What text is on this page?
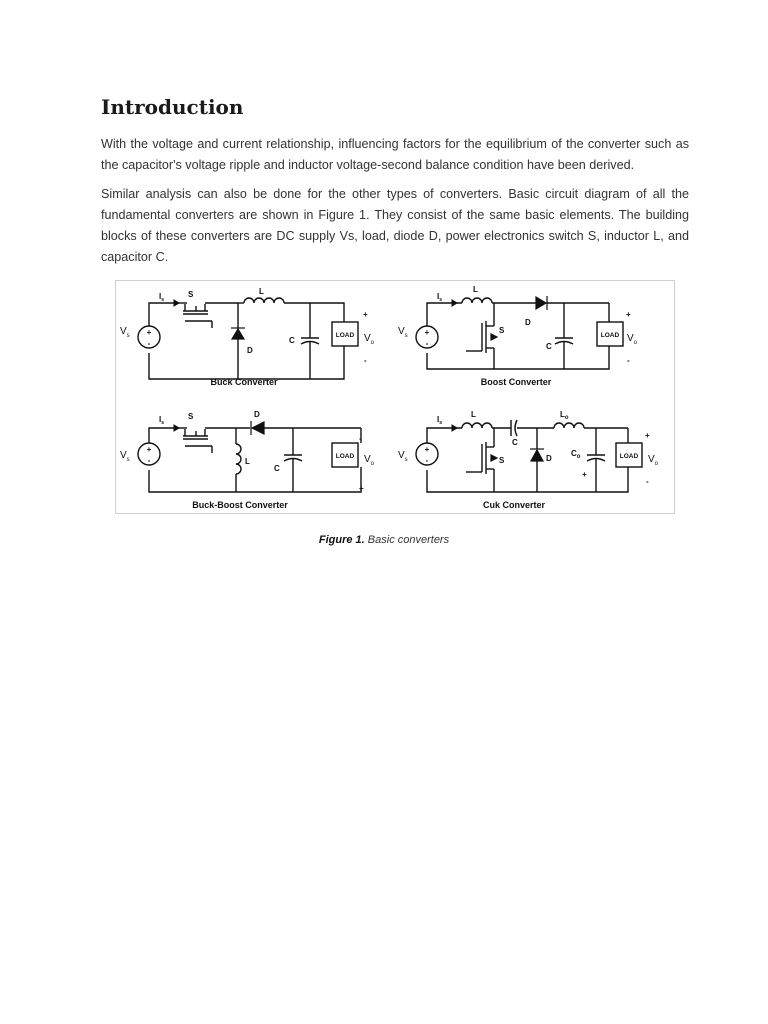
Introduction

With the voltage and current relationship, influencing factors for the equilibrium of the converter such as the capacitor's voltage ripple and inductor voltage-second balance condition have been derived.

Similar analysis can also be done for the other types of converters. Basic circuit diagram of all the fundamental converters are shown in Figure 1. They consist of the same basic elements. The building blocks of these converters are DC supply Vs, load, diode D, power electronics switch S, inductor L, and capacitor C.

+
-
+
-
+
-
+
-
$I_s$
S	L
D
C
LOAD
$V_s$	$V_o$
+
-
Buck Converter
$I_s$
L
D
S
C
LOAD
$V_s$	$V_o$
+
-
Boost Converter
$I_s$
S	D
L
C
LOAD
$V_s$	$V_o$
-
+
Buck-Boost Converter
$I_s$
L	$L_o$
C
S	D
$C_o$
+
LOAD
$V_s$	$V_o$
+
-
Cuk Converter
Figure 1. Basic converters
